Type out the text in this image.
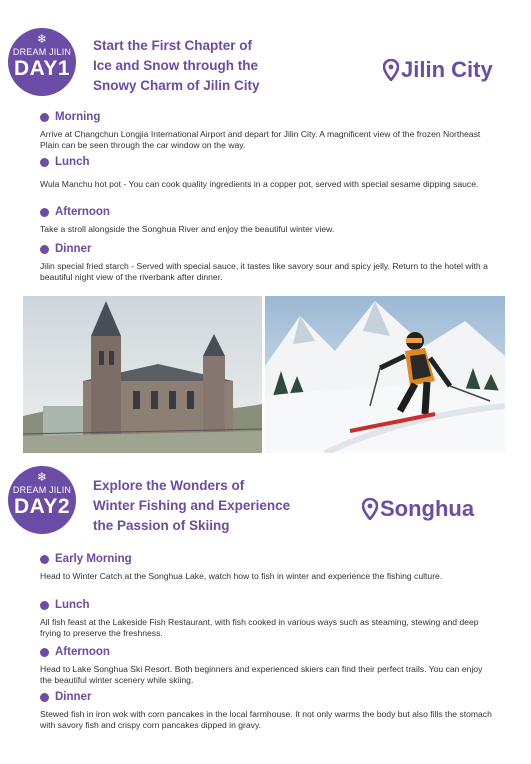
❄
DREAM JILIN
DAY1
Start the First Chapter of
Ice and Snow through the
Snowy Charm of Jilin City
Jilin City
Morning
Arrive at Changchun Longjia International Airport and depart for Jilin City. A magnificent view of the frozen Northeast Plain can be seen through the car window on the way.
Lunch
Wula Manchu hot pot - You can cook quality ingredients in a copper pot, served with special sesame dipping sauce.
Afternoon
Take a stroll alongside the Songhua River and enjoy the beautiful winter view.
Dinner
Jilin special fried starch - Served with special sauce, it tastes like savory sour and spicy jelly. Return to the hotel with a beautiful night view of the riverbank after dinner.
❄
DREAM JILIN
DAY2
Explore the Wonders of
Winter Fishing and Experience
the Passion of Skiing
Songhua
Early Morning
Head to Winter Catch at the Songhua Lake, watch how to fish in winter and experience the fishing culture.
Lunch
All fish feast at the Lakeside Fish Restaurant, with fish cooked in various ways such as steaming, stewing and deep frying to preserve the freshness.
Afternoon
Head to Lake Songhua Ski Resort. Both beginners and experienced skiers can find their perfect trails. You can enjoy the beautiful winter scenery while skiing.
Dinner
Stewed fish in iron wok with corn pancakes in the local farmhouse. It not only warms the body but also fills the stomach with savory fish and crispy corn pancakes dipped in gravy.
